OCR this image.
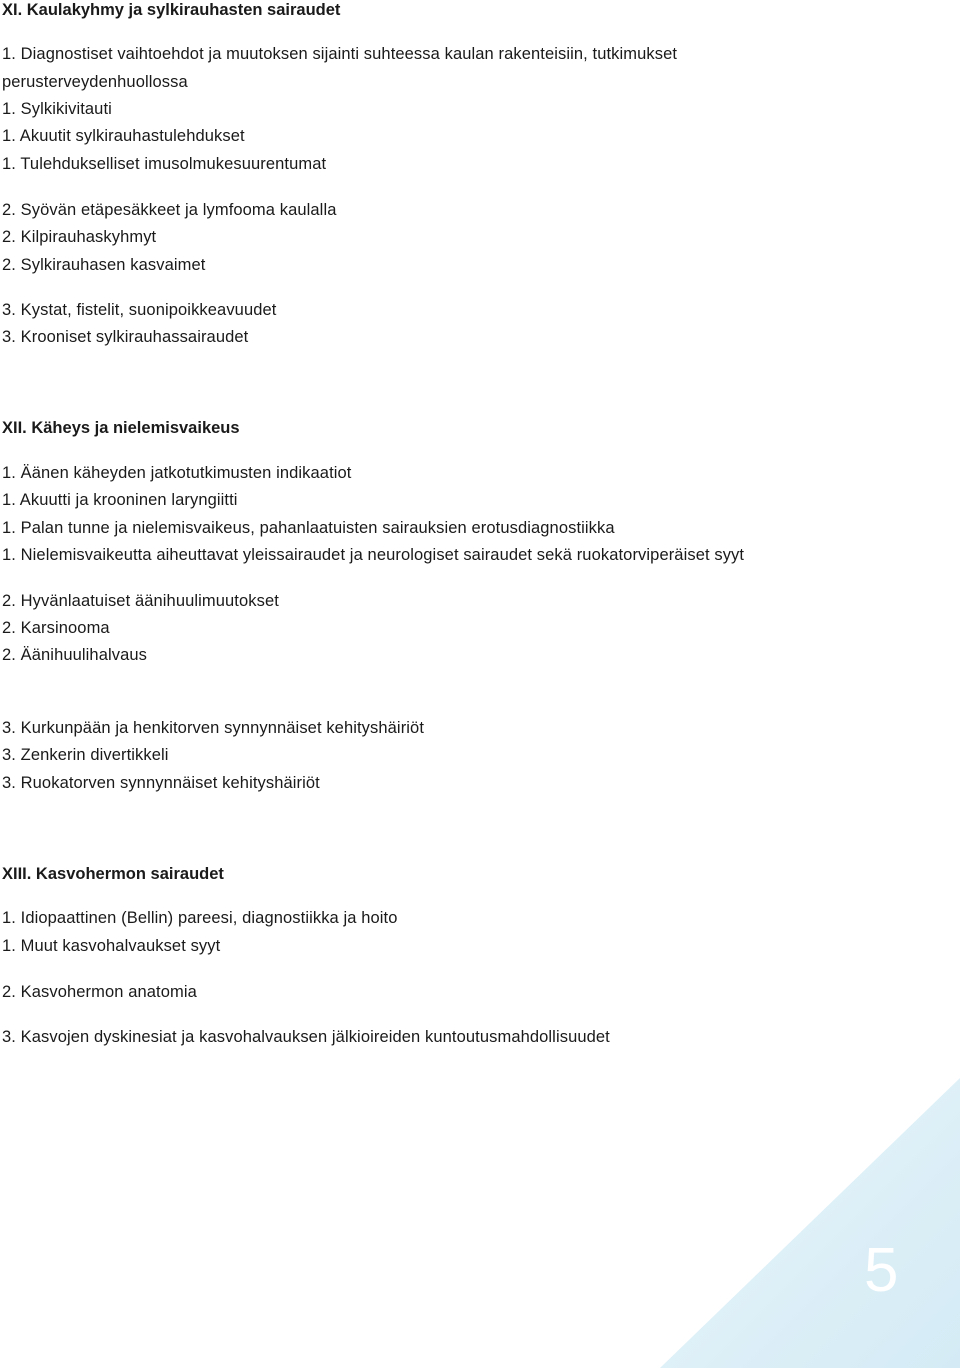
XI. Kaulakyhmy ja sylkirauhasten sairaudet
1. Diagnostiset vaihtoehdot ja muutoksen sijainti suhteessa kaulan rakenteisiin, tutkimukset
perusterveydenhuollossa
1. Sylkikivitauti
1. Akuutit sylkirauhastulehdukset
1. Tulehdukselliset imusolmukesuurentumat
2. Syövän etäpesäkkeet ja lymfooma kaulalla
2. Kilpirauhaskyhmyt
2. Sylkirauhasen kasvaimet
3. Kystat, fistelit, suonipoikkeavuudet
3. Krooniset sylkirauhassairaudet
XII. Käheys ja nielemisvaikeus
1. Äänen käheyden jatkotutkimusten indikaatiot
1. Akuutti ja krooninen laryngiitti
1. Palan tunne ja nielemisvaikeus, pahanlaatuisten sairauksien erotusdiagnostiikka
1. Nielemisvaikeutta aiheuttavat yleissairaudet ja neurologiset sairaudet sekä ruokatorviperäiset syyt
2. Hyvänlaatuiset äänihuulimuutokset
2. Karsinooma
2. Äänihuulihalvaus
3. Kurkunpään ja henkitorven synnynnäiset kehityshäiriöt
3. Zenkerin divertikkeli
3. Ruokatorven synnynnäiset kehityshäiriöt
XIII. Kasvohermon sairaudet
1. Idiopaattinen (Bellin) pareesi, diagnostiikka ja hoito
1. Muut kasvohalvaukset syyt
2. Kasvohermon anatomia
3. Kasvojen dyskinesiat ja kasvohalvauksen jälkioireiden kuntoutusmahdollisuudet
5
